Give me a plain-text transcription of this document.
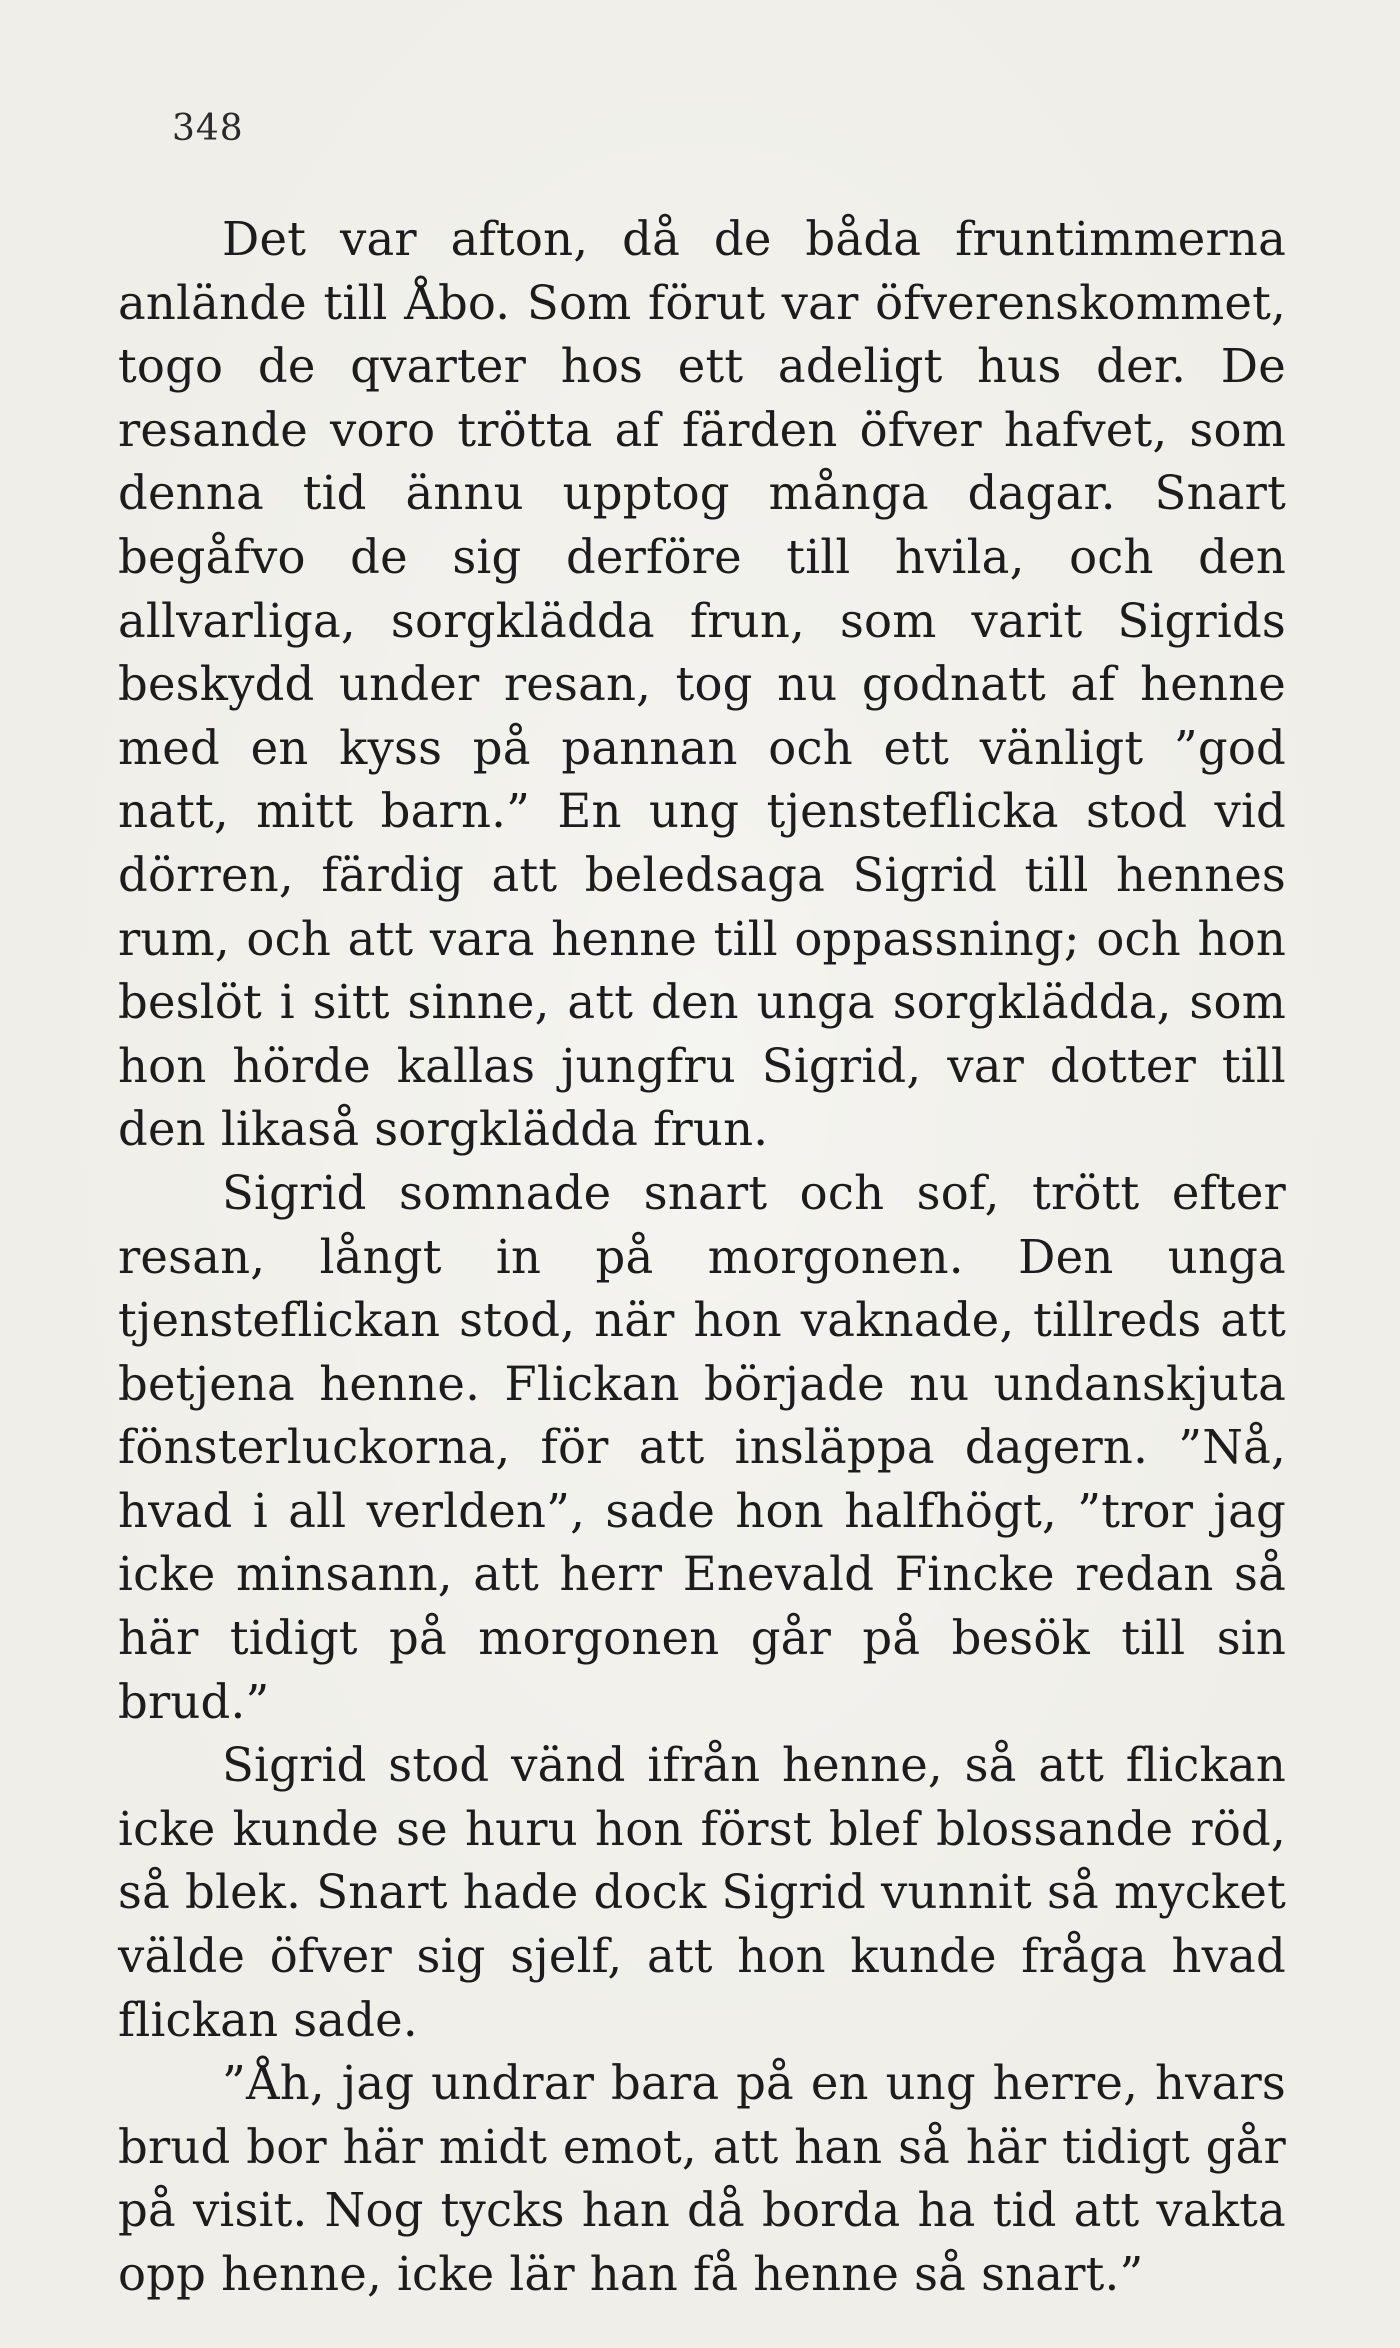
348

Det var afton, då de båda fruntimmerna anlände till Åbo. Som förut var öfverenskommet, togo de qvarter hos ett adeligt hus der. De resande voro trötta af färden öfver hafvet, som denna tid ännu upptog många dagar. Snart begåfvo de sig derföre till hvila, och den allvarliga, sorgklädda frun, som varit Sigrids beskydd under resan, tog nu godnatt af henne med en kyss på pannan och ett vänligt ”god natt, mitt barn.” En ung tjensteflicka stod vid dörren, färdig att beledsaga Sigrid till hennes rum, och att vara henne till oppassning; och hon beslöt i sitt sinne, att den unga sorgklädda, som hon hörde kallas jungfru Sigrid, var dotter till den likaså sorgklädda frun.

Sigrid somnade snart och sof, trött efter resan, långt in på morgonen. Den unga tjensteflickan stod, när hon vaknade, tillreds att betjena henne. Flickan började nu undanskjuta fönsterluckorna, för att insläppa dagern. ”Nå, hvad i all verlden”, sade hon halfhögt, ”tror jag icke minsann, att herr Enevald Fincke redan så här tidigt på morgonen går på besök till sin brud.”

Sigrid stod vänd ifrån henne, så att flickan icke kunde se huru hon först blef blossande röd, så blek. Snart hade dock Sigrid vunnit så mycket välde öfver sig sjelf, att hon kunde fråga hvad flickan sade.

”Åh, jag undrar bara på en ung herre, hvars brud bor här midt emot, att han så här tidigt går på visit. Nog tycks han då borda ha tid att vakta opp henne, icke lär han få henne så snart.”
